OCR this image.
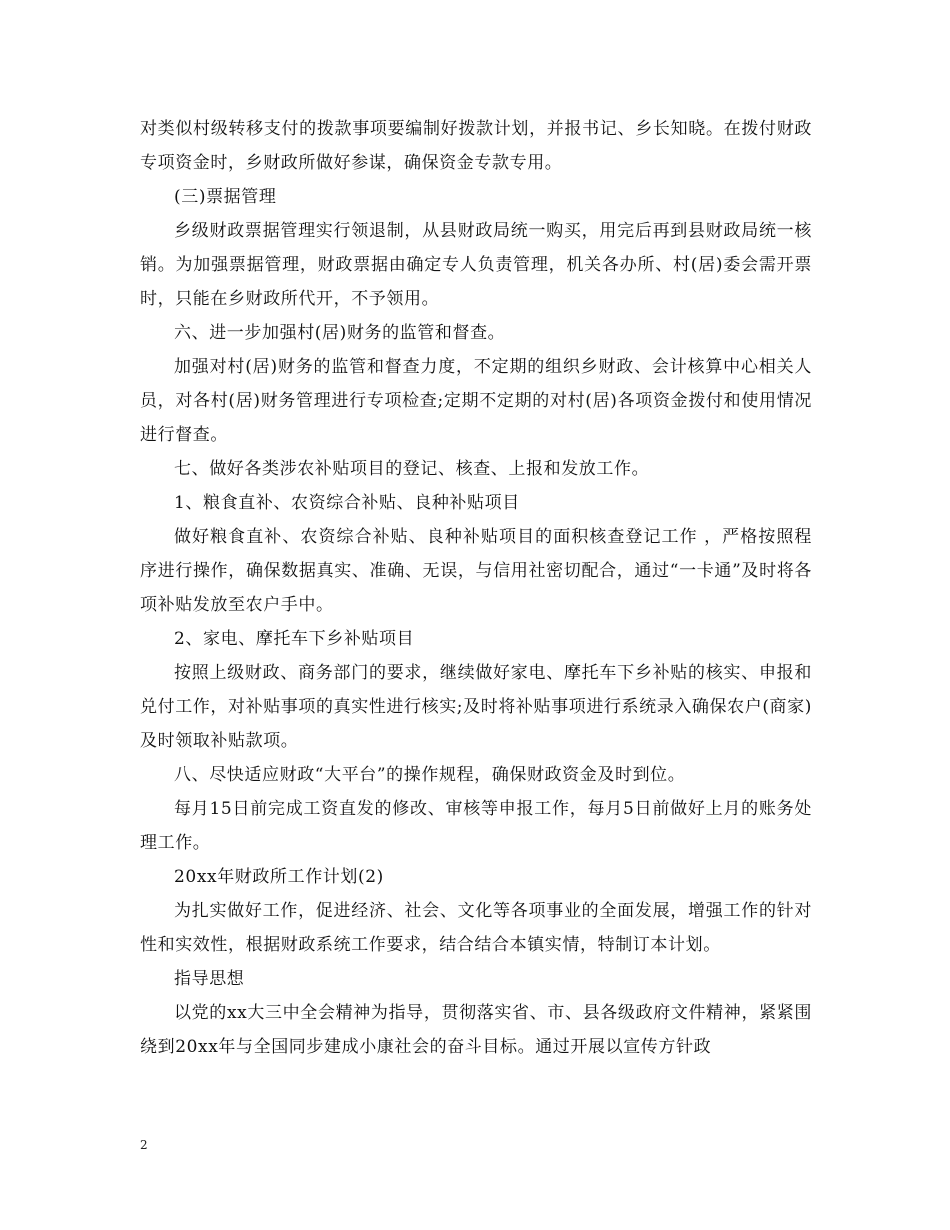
对类似村级转移支付的拨款事项要编制好拨款计划，并报书记、乡长知晓。在拨付财政专项资金时，乡财政所做好参谋，确保资金专款专用。

(三)票据管理

乡级财政票据管理实行领退制，从县财政局统一购买，用完后再到县财政局统一核销。为加强票据管理，财政票据由确定专人负责管理，机关各办所、村(居)委会需开票时，只能在乡财政所代开，不予领用。

六、进一步加强村(居)财务的监管和督查。

加强对村(居)财务的监管和督查力度，不定期的组织乡财政、会计核算中心相关人员，对各村(居)财务管理进行专项检查;定期不定期的对村(居)各项资金拨付和使用情况进行督查。

七、做好各类涉农补贴项目的登记、核查、上报和发放工作。

1、粮食直补、农资综合补贴、良种补贴项目

做好粮食直补、农资综合补贴、良种补贴项目的面积核查登记工作 ，严格按照程序进行操作，确保数据真实、准确、无误，与信用社密切配合，通过“一卡通”及时将各项补贴发放至农户手中。

2、家电、摩托车下乡补贴项目

按照上级财政、商务部门的要求，继续做好家电、摩托车下乡补贴的核实、申报和兑付工作，对补贴事项的真实性进行核实;及时将补贴事项进行系统录入确保农户(商家)及时领取补贴款项。

八、尽快适应财政“大平台”的操作规程，确保财政资金及时到位。

每月15日前完成工资直发的修改、审核等申报工作，每月5日前做好上月的账务处理工作。

20xx年财政所工作计划(2)

为扎实做好工作，促进经济、社会、文化等各项事业的全面发展，增强工作的针对性和实效性，根据财政系统工作要求，结合结合本镇实情，特制订本计划。

指导思想

以党的xx大三中全会精神为指导，贯彻落实省、市、县各级政府文件精神，紧紧围绕到20xx年与全国同步建成小康社会的奋斗目标。通过开展以宣传方针政

2
